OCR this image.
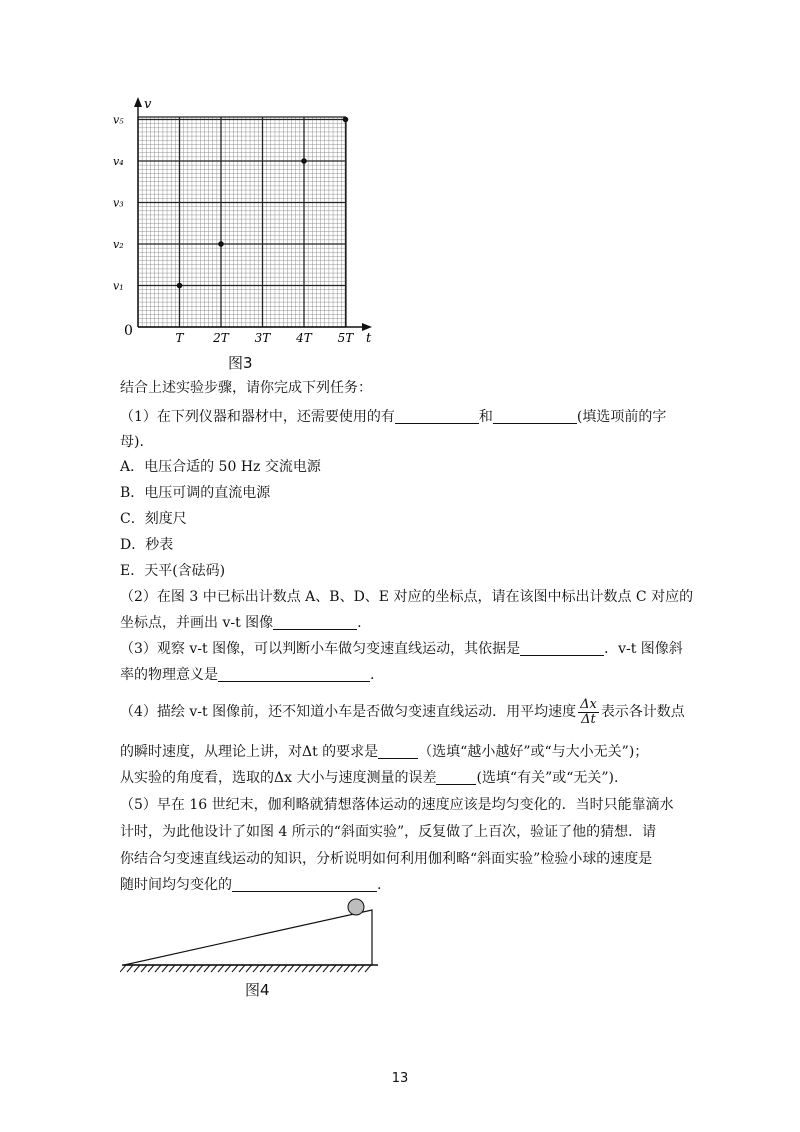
v
t
0
v₁
v₂
v₃
v₄
v₅
T 2T 3T 4T 5T
图3
结合上述实验步骤，请你完成下列任务：
（1）在下列仪器和器材中，还需要使用的有	和	(填选项前的字
母).
A．电压合适的 50 Hz 交流电源
B．电压可调的直流电源
C．刻度尺
D．秒表
E．天平(含砝码)
（2）在图 3 中已标出计数点 A、B、D、E 对应的坐标点，请在该图中标出计数点 C 对应的
坐标点，并画出 v-t 图像	.
（3）观察 v-t 图像，可以判断小车做匀变速直线运动，其依据是	．v-t 图像斜
率的物理意义是	.
（4）描绘 v-t 图像前，还不知道小车是否做匀变速直线运动．用平均速度 $\frac{\Delta x}{\Delta t}$ 表示各计数点
的瞬时速度，从理论上讲，对Δt 的要求是	（选填“越小越好”或“与大小无关”)；
从实验的角度看，选取的Δx 大小与速度测量的误差	(选填“有关”或“无关”).
（5）早在 16 世纪末，伽利略就猜想落体运动的速度应该是均匀变化的．当时只能靠滴水
计时，为此他设计了如图 4 所示的“斜面实验”，反复做了上百次，验证了他的猜想．请
你结合匀变速直线运动的知识，分析说明如何利用伽利略“斜面实验”检验小球的速度是
随时间均匀变化的	.
图4
13
